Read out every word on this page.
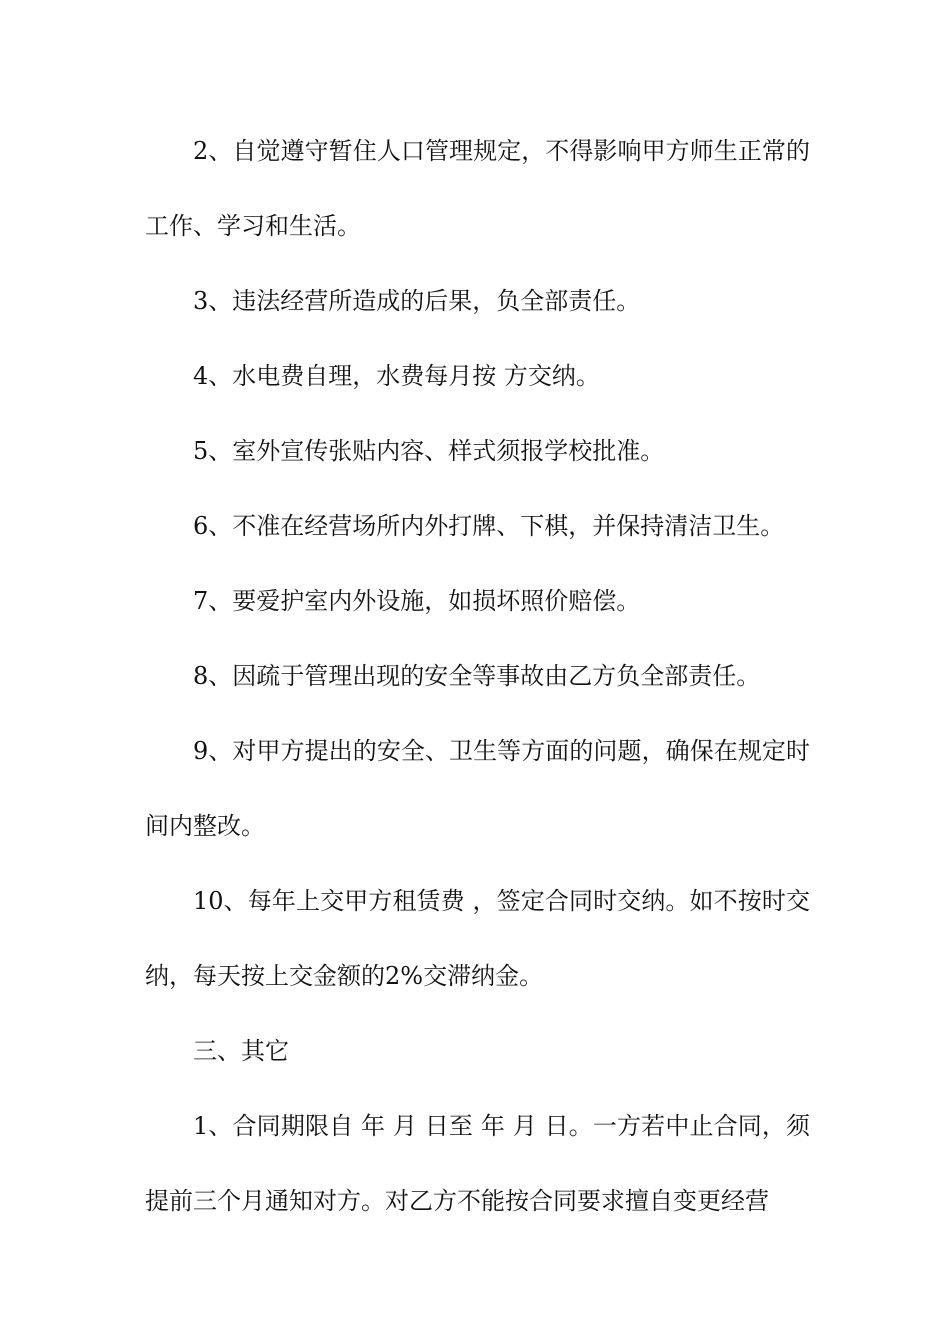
2、自觉遵守暂住人口管理规定，不得影响甲方师生正常的工作、学习和生活。

3、违法经营所造成的后果，负全部责任。

4、水电费自理，水费每月按 方交纳。

5、室外宣传张贴内容、样式须报学校批准。

6、不准在经营场所内外打牌、下棋，并保持清洁卫生。

7、要爱护室内外设施，如损坏照价赔偿。

8、因疏于管理出现的安全等事故由乙方负全部责任。

9、对甲方提出的安全、卫生等方面的问题，确保在规定时间内整改。

10、每年上交甲方租赁费 ，签定合同时交纳。如不按时交纳，每天按上交金额的2%交滞纳金。

三、其它

1、合同期限自 年 月 日至 年 月 日。一方若中止合同，须提前三个月通知对方。对乙方不能按合同要求擅自变更经营
